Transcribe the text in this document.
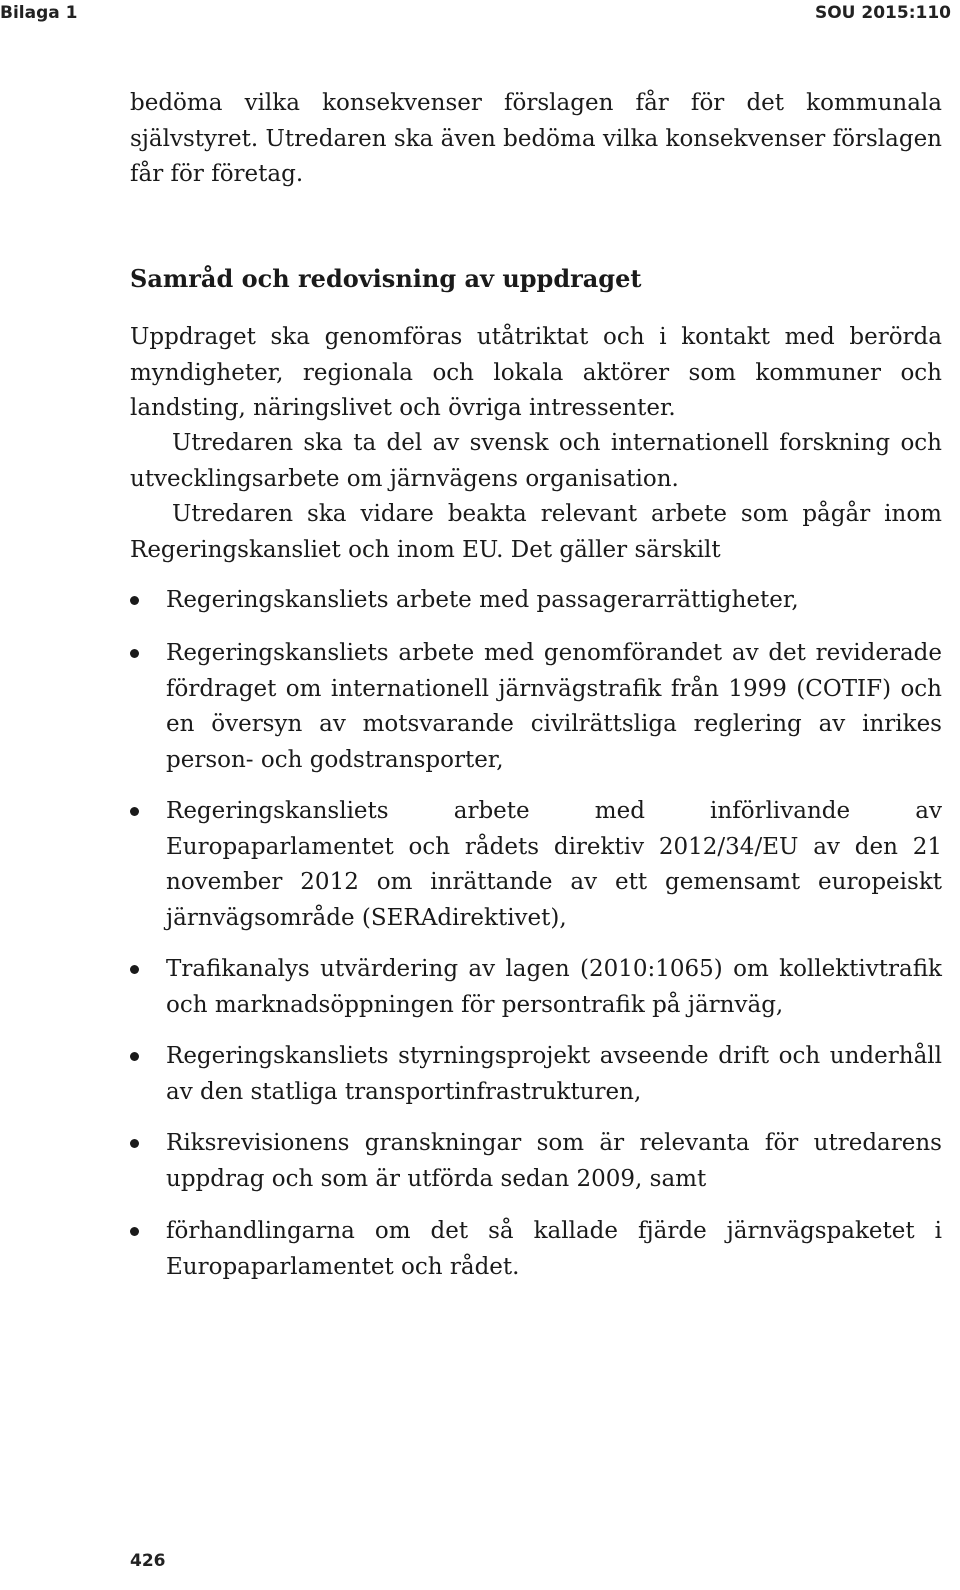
Bilaga 1	SOU 2015:110

bedöma vilka konsekvenser förslagen får för det kommunala självstyret. Utredaren ska även bedöma vilka konsekvenser förslagen får för företag.

Samråd och redovisning av uppdraget

Uppdraget ska genomföras utåtriktat och i kontakt med berörda myndigheter, regionala och lokala aktörer som kommuner och landsting, näringslivet och övriga intressenter.

Utredaren ska ta del av svensk och internationell forskning och utvecklingsarbete om järnvägens organisation.

Utredaren ska vidare beakta relevant arbete som pågår inom Regeringskansliet och inom EU. Det gäller särskilt

Regeringskansliets arbete med passagerarrättigheter,
Regeringskansliets arbete med genomförandet av det reviderade fördraget om internationell järnvägstrafik från 1999 (COTIF) och en översyn av motsvarande civilrättsliga reglering av inrikes person- och godstransporter,
Regeringskansliets arbete med införlivande av Europaparlamentet och rådets direktiv 2012/34/EU av den 21 november 2012 om inrättande av ett gemensamt europeiskt järnvägsområde (SERAdirektivet),
Trafikanalys utvärdering av lagen (2010:1065) om kollektivtrafik och marknadsöppningen för persontrafik på järnväg,
Regeringskansliets styrningsprojekt avseende drift och underhåll av den statliga transportinfrastrukturen,
Riksrevisionens granskningar som är relevanta för utredarens uppdrag och som är utförda sedan 2009, samt
förhandlingarna om det så kallade fjärde järnvägspaketet i Europaparlamentet och rådet.
426
